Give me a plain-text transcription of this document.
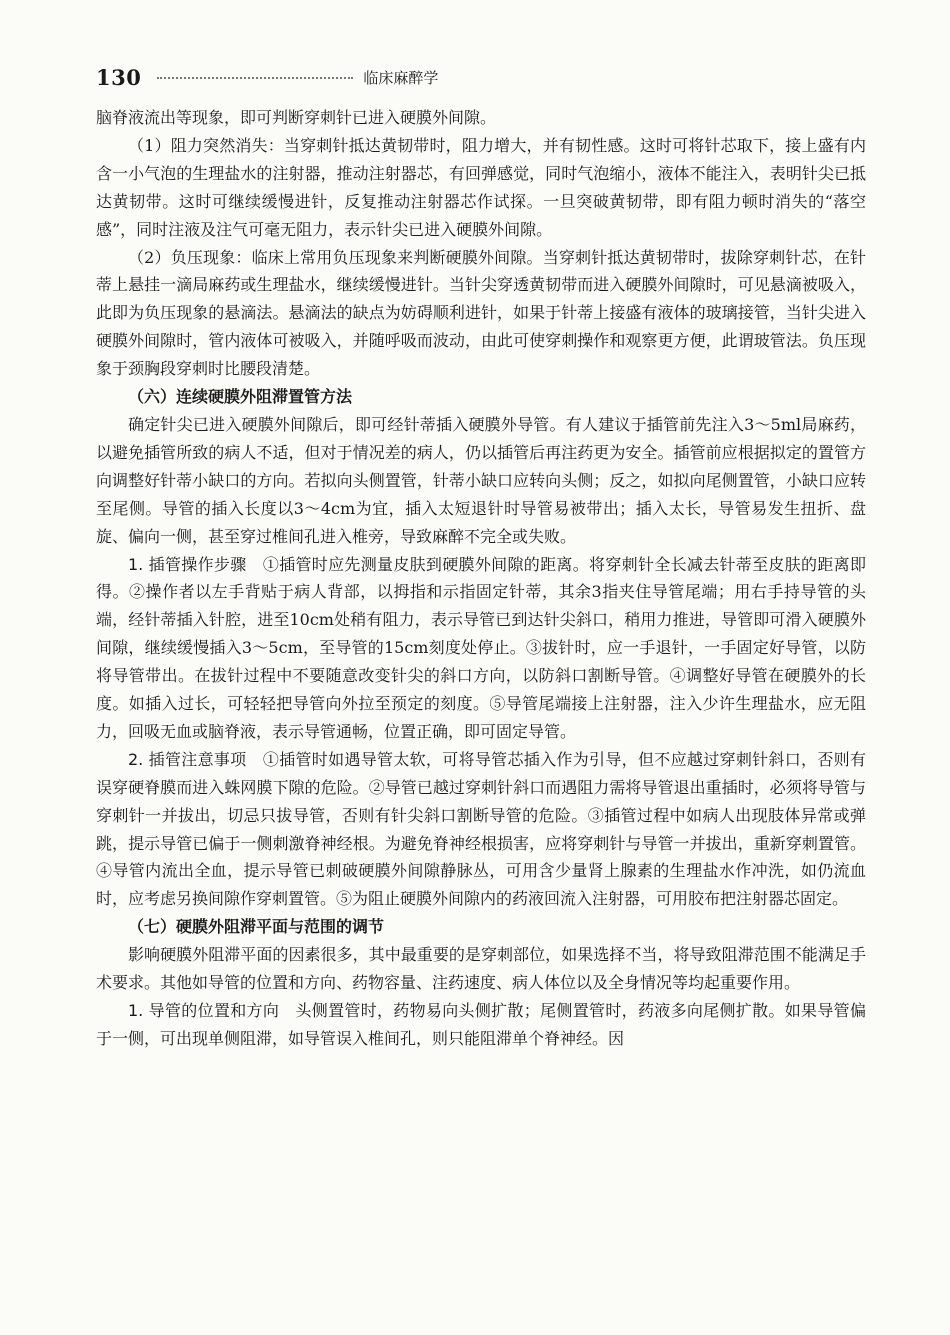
130	临床麻醉学

脑脊液流出等现象，即可判断穿刺针已进入硬膜外间隙。

（1）阻力突然消失：当穿刺针抵达黄韧带时，阻力增大，并有韧性感。这时可将针芯取下，接上盛有内含一小气泡的生理盐水的注射器，推动注射器芯，有回弹感觉，同时气泡缩小，液体不能注入，表明针尖已抵达黄韧带。这时可继续缓慢进针，反复推动注射器芯作试探。一旦突破黄韧带，即有阻力顿时消失的“落空感”，同时注液及注气可毫无阻力，表示针尖已进入硬膜外间隙。

（2）负压现象：临床上常用负压现象来判断硬膜外间隙。当穿刺针抵达黄韧带时，拔除穿刺针芯，在针蒂上悬挂一滴局麻药或生理盐水，继续缓慢进针。当针尖穿透黄韧带而进入硬膜外间隙时，可见悬滴被吸入，此即为负压现象的悬滴法。悬滴法的缺点为妨碍顺利进针，如果于针蒂上接盛有液体的玻璃接管，当针尖进入硬膜外间隙时，管内液体可被吸入，并随呼吸而波动，由此可使穿刺操作和观察更方便，此谓玻管法。负压现象于颈胸段穿刺时比腰段清楚。

（六）连续硬膜外阻滞置管方法

确定针尖已进入硬膜外间隙后，即可经针蒂插入硬膜外导管。有人建议于插管前先注入3～5ml局麻药，以避免插管所致的病人不适，但对于情况差的病人，仍以插管后再注药更为安全。插管前应根据拟定的置管方向调整好针蒂小缺口的方向。若拟向头侧置管，针蒂小缺口应转向头侧；反之，如拟向尾侧置管，小缺口应转至尾侧。导管的插入长度以3～4cm为宜，插入太短退针时导管易被带出；插入太长，导管易发生扭折、盘旋、偏向一侧，甚至穿过椎间孔进入椎旁，导致麻醉不完全或失败。

1. 插管操作步骤　 ①插管时应先测量皮肤到硬膜外间隙的距离。将穿刺针全长减去针蒂至皮肤的距离即得。②操作者以左手背贴于病人背部，以拇指和示指固定针蒂，其余3指夹住导管尾端；用右手持导管的头端，经针蒂插入针腔，进至10cm处稍有阻力，表示导管已到达针尖斜口，稍用力推进，导管即可滑入硬膜外间隙，继续缓慢插入3～5cm，至导管的15cm刻度处停止。③拔针时，应一手退针，一手固定好导管，以防将导管带出。在拔针过程中不要随意改变针尖的斜口方向，以防斜口割断导管。④调整好导管在硬膜外的长度。如插入过长，可轻轻把导管向外拉至预定的刻度。⑤导管尾端接上注射器，注入少许生理盐水，应无阻力，回吸无血或脑脊液，表示导管通畅，位置正确，即可固定导管。

2. 插管注意事项　 ①插管时如遇导管太软，可将导管芯插入作为引导，但不应越过穿刺针斜口，否则有误穿硬脊膜而进入蛛网膜下隙的危险。②导管已越过穿刺针斜口而遇阻力需将导管退出重插时，必须将导管与穿刺针一并拔出，切忌只拔导管，否则有针尖斜口割断导管的危险。③插管过程中如病人出现肢体异常或弹跳，提示导管已偏于一侧刺激脊神经根。为避免脊神经根损害，应将穿刺针与导管一并拔出，重新穿刺置管。④导管内流出全血，提示导管已刺破硬膜外间隙静脉丛，可用含少量肾上腺素的生理盐水作冲洗，如仍流血时，应考虑另换间隙作穿刺置管。⑤为阻止硬膜外间隙内的药液回流入注射器，可用胶布把注射器芯固定。

（七）硬膜外阻滞平面与范围的调节

影响硬膜外阻滞平面的因素很多，其中最重要的是穿刺部位，如果选择不当，将导致阻滞范围不能满足手术要求。其他如导管的位置和方向、药物容量、注药速度、病人体位以及全身情况等均起重要作用。

1. 导管的位置和方向　 头侧置管时，药物易向头侧扩散；尾侧置管时，药液多向尾侧扩散。如果导管偏于一侧，可出现单侧阻滞，如导管误入椎间孔，则只能阻滞单个脊神经。因
